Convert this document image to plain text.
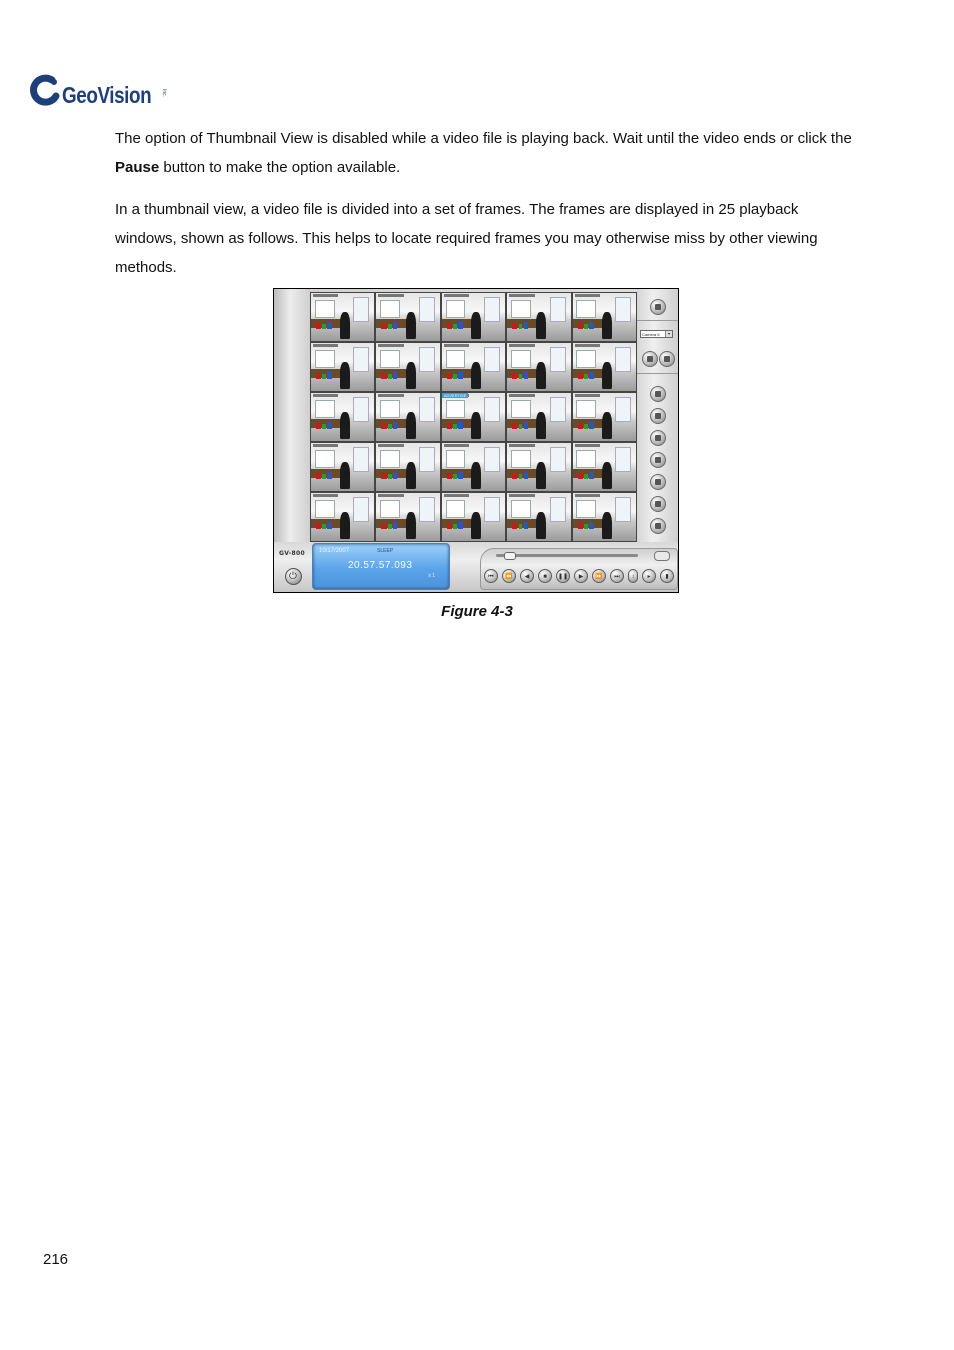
GeoVision Inc.

The option of Thumbnail View is disabled while a video file is playing back. Wait until the video ends or click the Pause button to make the option available.

In a thumbnail view, a video file is divided into a set of frames. The frames are displayed in 25 playback windows, shown as follows. This helps to locate required frames you may otherwise miss by other viewing methods.

ADVERTISE
Camera 6	▾
GV-800
⏻ 10/17/2007	SLEEP
20.57.57.093
x 1	⏮	⏪	◀	■	❚❚	▶	⏩	⏭	↕	▸	▮
Figure 4-3
216
